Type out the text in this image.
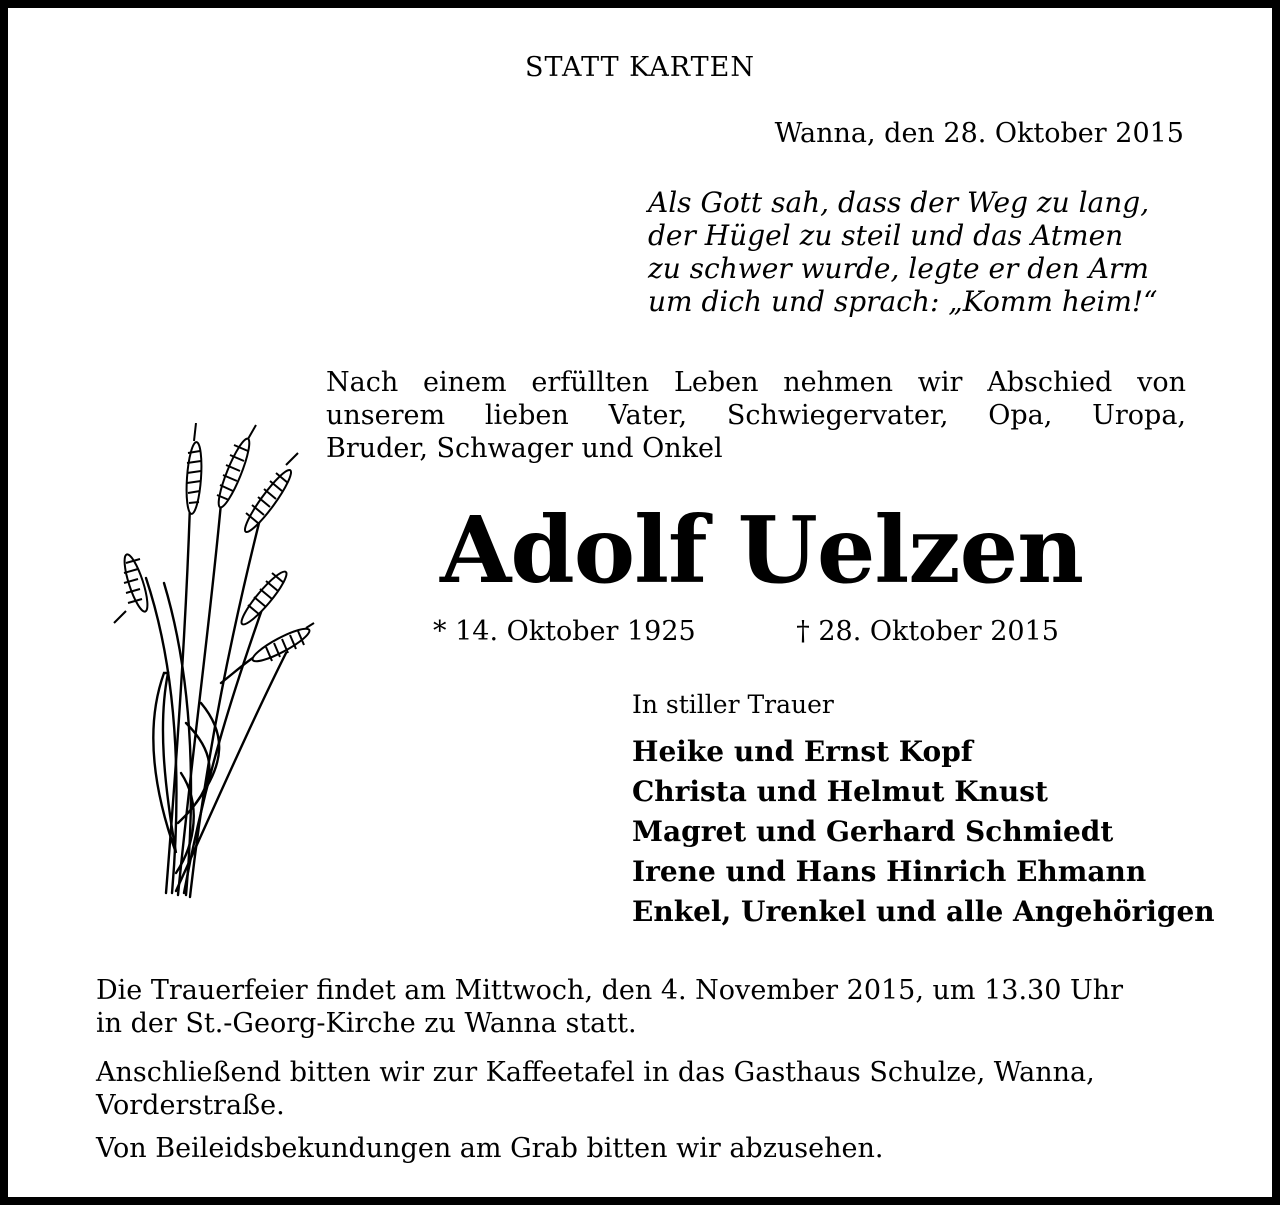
STATT KARTEN

Wanna, den 28. Oktober 2015

Als Gott sah, dass der Weg zu lang,
der Hügel zu steil und das Atmen
zu schwer wurde, legte er den Arm
um dich und sprach: „Komm heim!“
Nach einem erfüllten Leben nehmen wir Abschied von
unserem lieben Vater, Schwiegervater, Opa, Uropa,
Bruder, Schwager und Onkel

Adolf Uelzen

* 14. Oktober 1925	† 28. Oktober 2015

In stiller Trauer

Heike und Ernst Kopf
Christa und Helmut Knust
Magret und Gerhard Schmiedt
Irene und Hans Hinrich Ehmann
Enkel, Urenkel und alle Angehörigen
Die Trauerfeier findet am Mittwoch, den 4. November 2015, um 13.30 Uhr
in der St.-Georg-Kirche zu Wanna statt.
Anschließend bitten wir zur Kaffeetafel in das Gasthaus Schulze, Wanna,
Vorderstraße.
Von Beileidsbekundungen am Grab bitten wir abzusehen.
